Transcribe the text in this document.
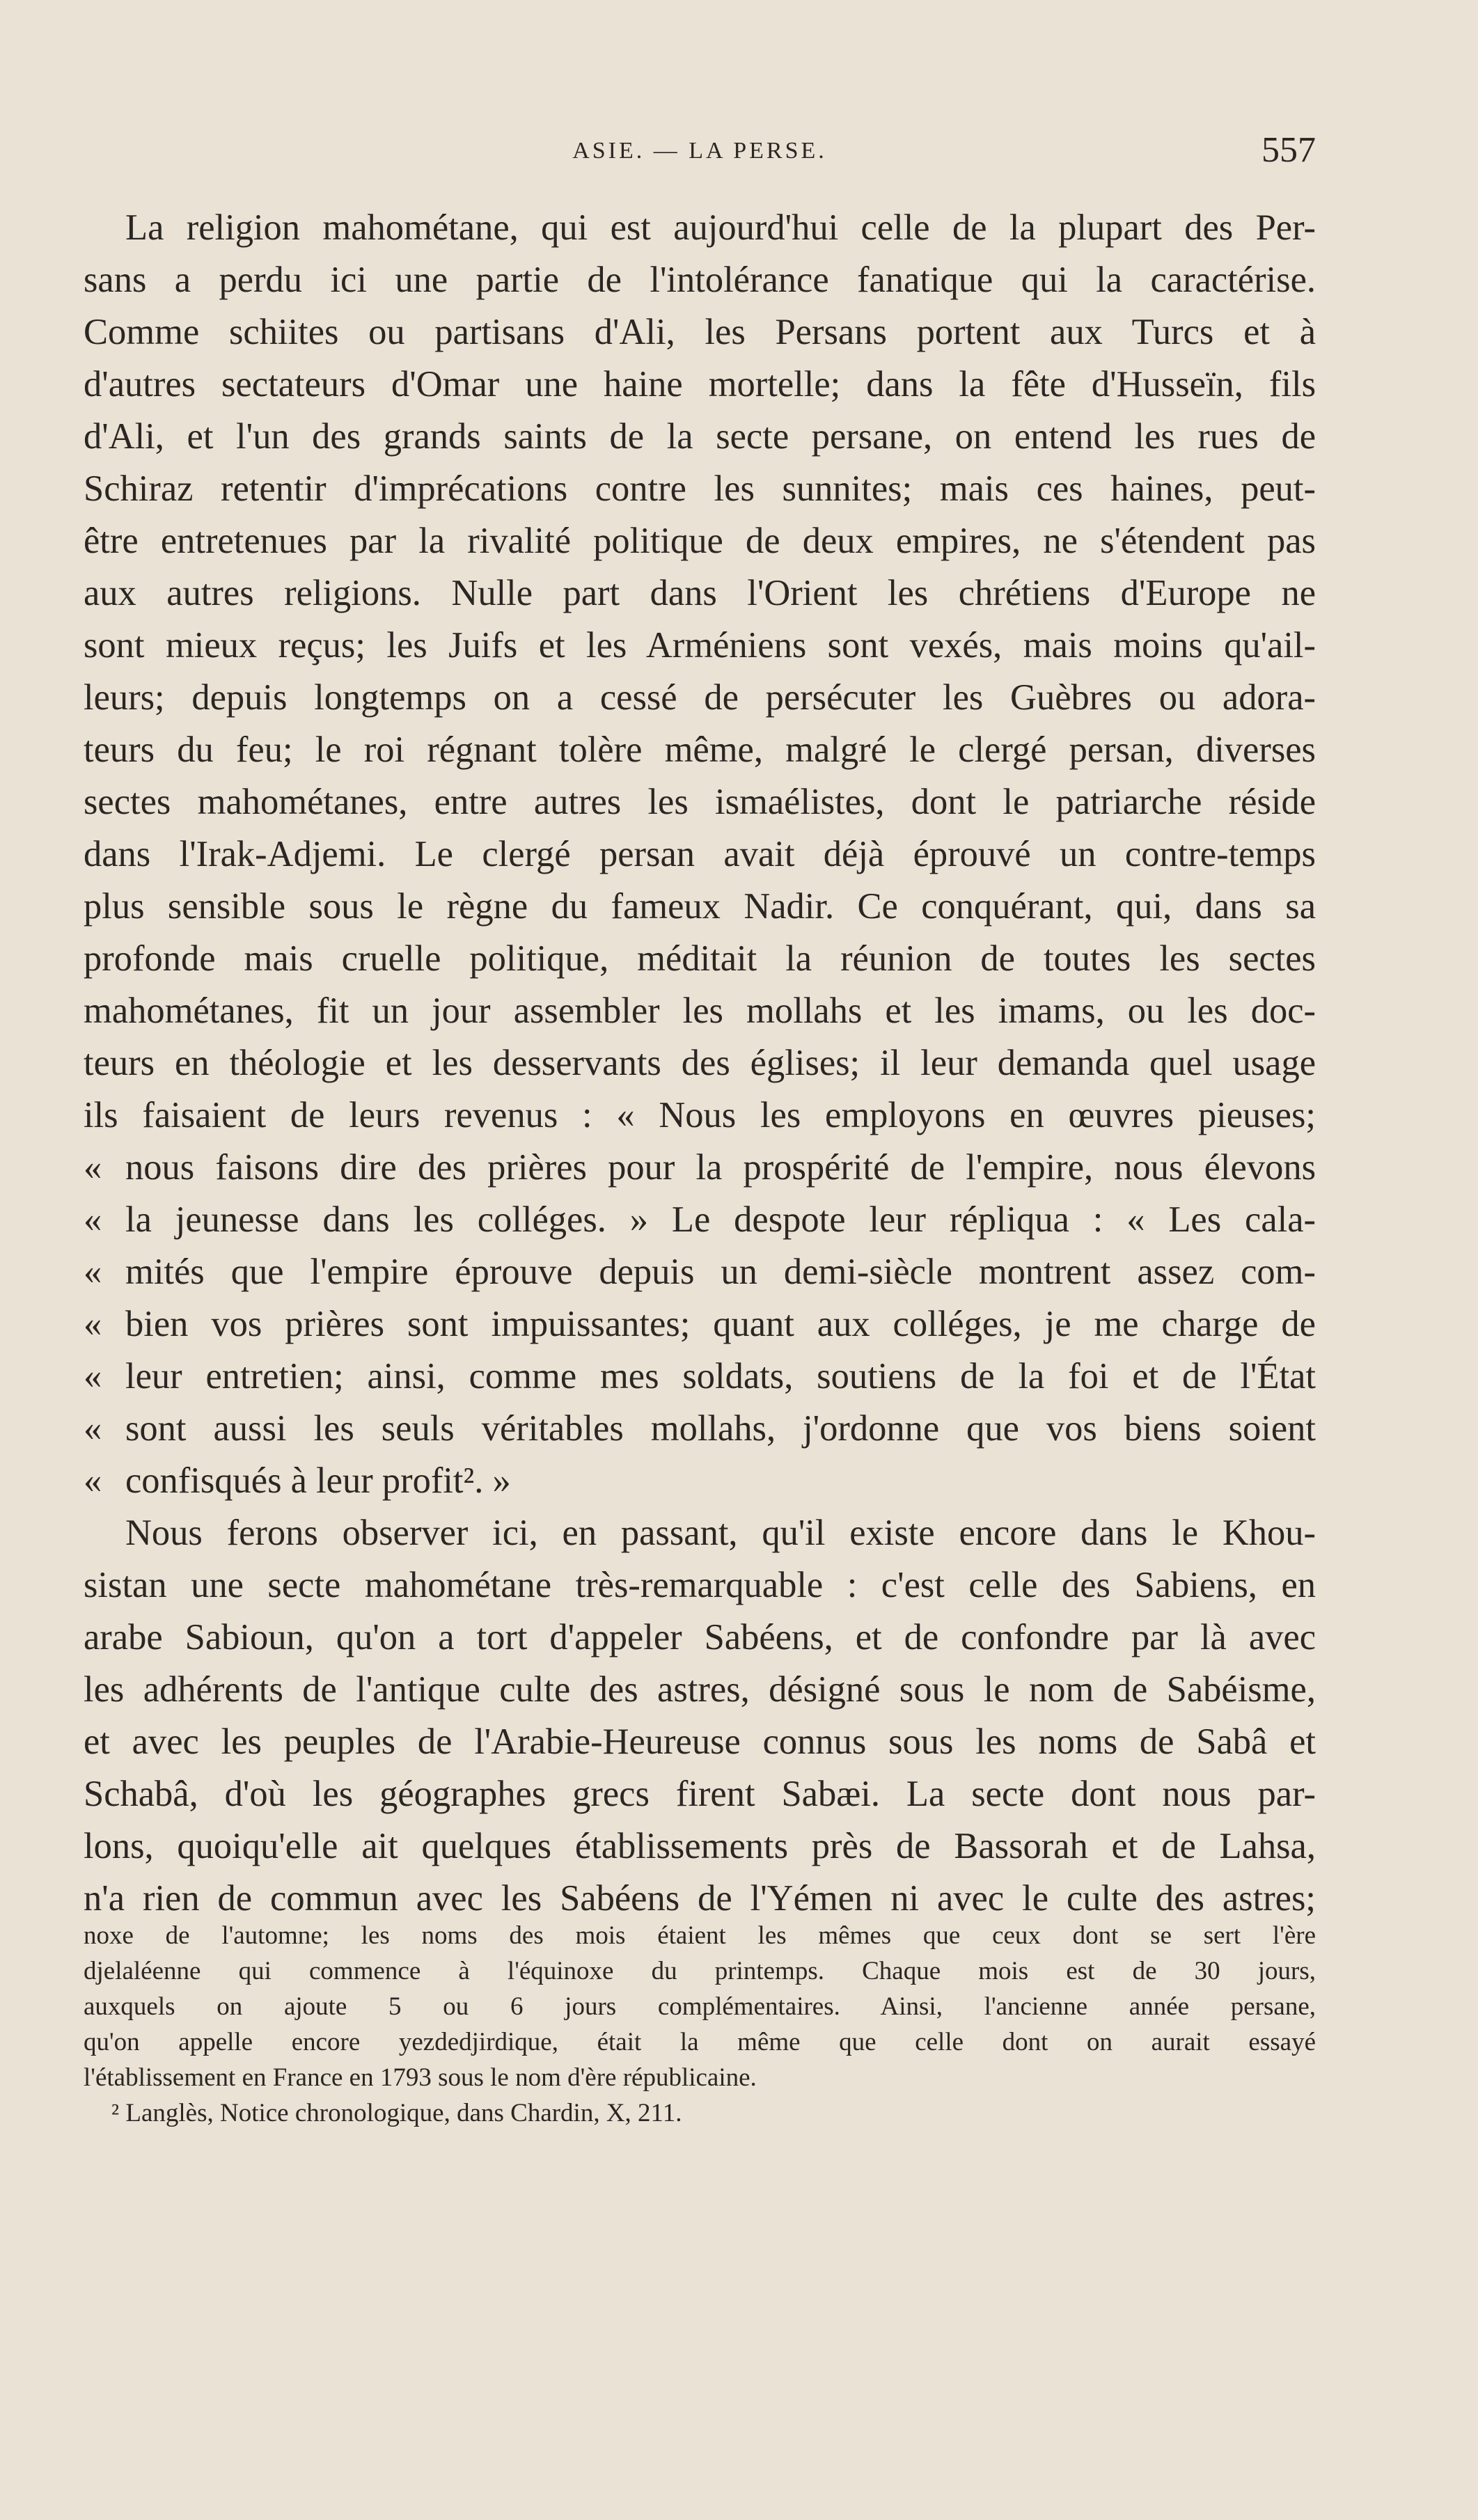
ASIE. — LA PERSE.	557

La religion mahométane, qui est aujourd'hui celle de la plupart des Per-
sans a perdu ici une partie de l'intolérance fanatique qui la caractérise.
Comme schiites ou partisans d'Ali, les Persans portent aux Turcs et à
d'autres sectateurs d'Omar une haine mortelle; dans la fête d'Husseïn, fils
d'Ali, et l'un des grands saints de la secte persane, on entend les rues de
Schiraz retentir d'imprécations contre les sunnites; mais ces haines, peut-
être entretenues par la rivalité politique de deux empires, ne s'étendent pas
aux autres religions. Nulle part dans l'Orient les chrétiens d'Europe ne
sont mieux reçus; les Juifs et les Arméniens sont vexés, mais moins qu'ail-
leurs; depuis longtemps on a cessé de persécuter les Guèbres ou adora-
teurs du feu; le roi régnant tolère même, malgré le clergé persan, diverses
sectes mahométanes, entre autres les ismaélistes, dont le patriarche réside
dans l'Irak-Adjemi. Le clergé persan avait déjà éprouvé un contre-temps
plus sensible sous le règne du fameux Nadir. Ce conquérant, qui, dans sa
profonde mais cruelle politique, méditait la réunion de toutes les sectes
mahométanes, fit un jour assembler les mollahs et les imams, ou les doc-
teurs en théologie et les desservants des églises; il leur demanda quel usage
ils faisaient de leurs revenus : « Nous les employons en œuvres pieuses;

« nous faisons dire des prières pour la prospérité de l'empire, nous élevons
« la jeunesse dans les colléges. » Le despote leur répliqua : « Les cala-
« mités que l'empire éprouve depuis un demi-siècle montrent assez com-
« bien vos prières sont impuissantes; quant aux colléges, je me charge de
« leur entretien; ainsi, comme mes soldats, soutiens de la foi et de l'État
« sont aussi les seuls véritables mollahs, j'ordonne que vos biens soient
« confisqués à leur profit². »

Nous ferons observer ici, en passant, qu'il existe encore dans le Khou-
sistan une secte mahométane très-remarquable : c'est celle des Sabiens, en
arabe Sabioun, qu'on a tort d'appeler Sabéens, et de confondre par là avec
les adhérents de l'antique culte des astres, désigné sous le nom de Sabéisme,
et avec les peuples de l'Arabie-Heureuse connus sous les noms de Sabâ et
Schabâ, d'où les géographes grecs firent Sabæi. La secte dont nous par-
lons, quoiqu'elle ait quelques établissements près de Bassorah et de Lahsa,
n'a rien de commun avec les Sabéens de l'Yémen ni avec le culte des astres;

noxe de l'automne; les noms des mois étaient les mêmes que ceux dont se sert l'ère
djelaléenne qui commence à l'équinoxe du printemps. Chaque mois est de 30 jours,
auxquels on ajoute 5 ou 6 jours complémentaires. Ainsi, l'ancienne année persane,
qu'on appelle encore yezdedjirdique, était la même que celle dont on aurait essayé
l'établissement en France en 1793 sous le nom d'ère républicaine.
² Langlès, Notice chronologique, dans Chardin, X, 211.
